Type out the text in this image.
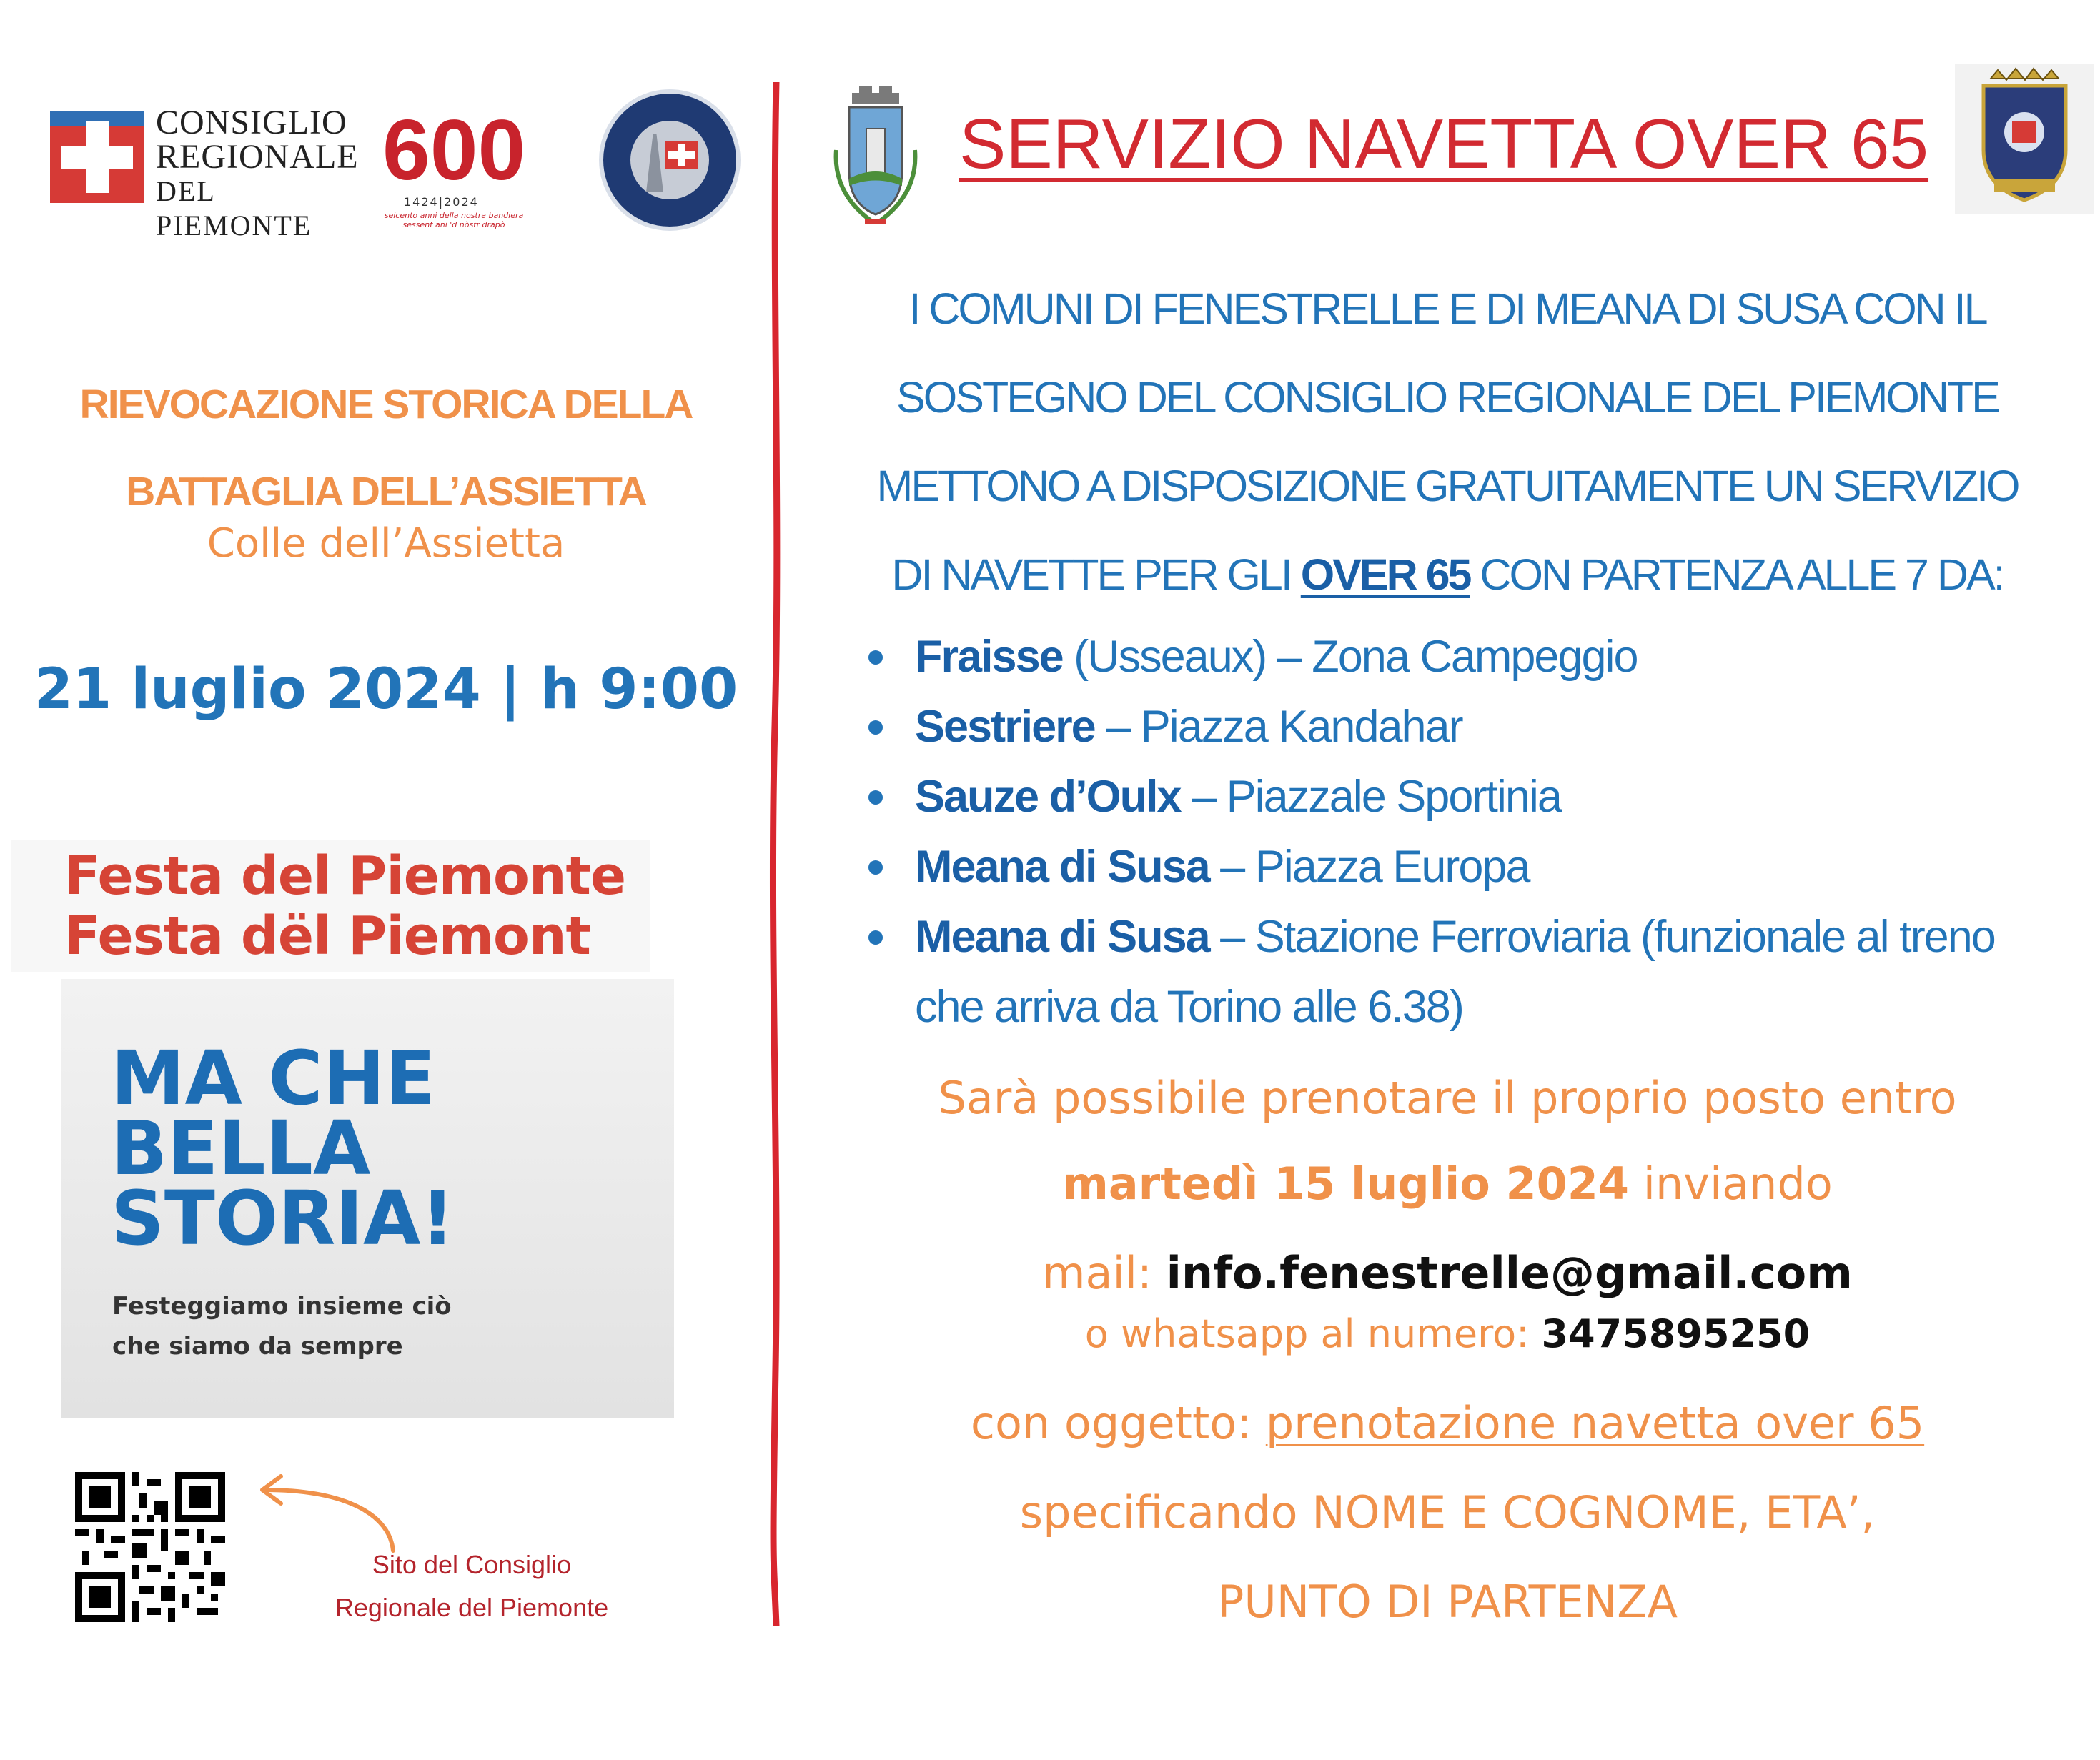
CONSIGLIO
REGIONALE
DEL PIEMONTE
600
1424|2024
seicento anni della nostra bandiera sessent ani 'd nòstr drapò
RIEVOCAZIONE STORICA DELLA
BATTAGLIA DELL’ASSIETTA
Colle dell’Assietta
21 luglio 2024 | h 9:00
Festa del Piemonte
Festa dël Piemont
MA CHE
BELLA
STORIA!
Festeggiamo insieme ciò
che siamo da sempre
Sito del Consiglio
Regionale del Piemonte
SERVIZIO NAVETTA OVER 65
I COMUNI DI FENESTRELLE E DI MEANA DI SUSA CON IL
SOSTEGNO DEL CONSIGLIO REGIONALE DEL PIEMONTE
METTONO A DISPOSIZIONE GRATUITAMENTE UN SERVIZIO
DI NAVETTE PER GLI OVER 65 CON PARTENZA ALLE 7 DA:
Fraisse (Usseaux) – Zona Campeggio
Sestriere – Piazza Kandahar
Sauze d’Oulx – Piazzale Sportinia
Meana di Susa – Piazza Europa
Meana di Susa – Stazione Ferroviaria (funzionale al treno che arriva da Torino alle 6.38)
Sarà possibile prenotare il proprio posto entro
martedì 15 luglio 2024 inviando
mail: info.fenestrelle@gmail.com
o whatsapp al numero: 3475895250
con oggetto: prenotazione navetta over 65
specificando NOME E COGNOME, ETA’,
PUNTO DI PARTENZA
